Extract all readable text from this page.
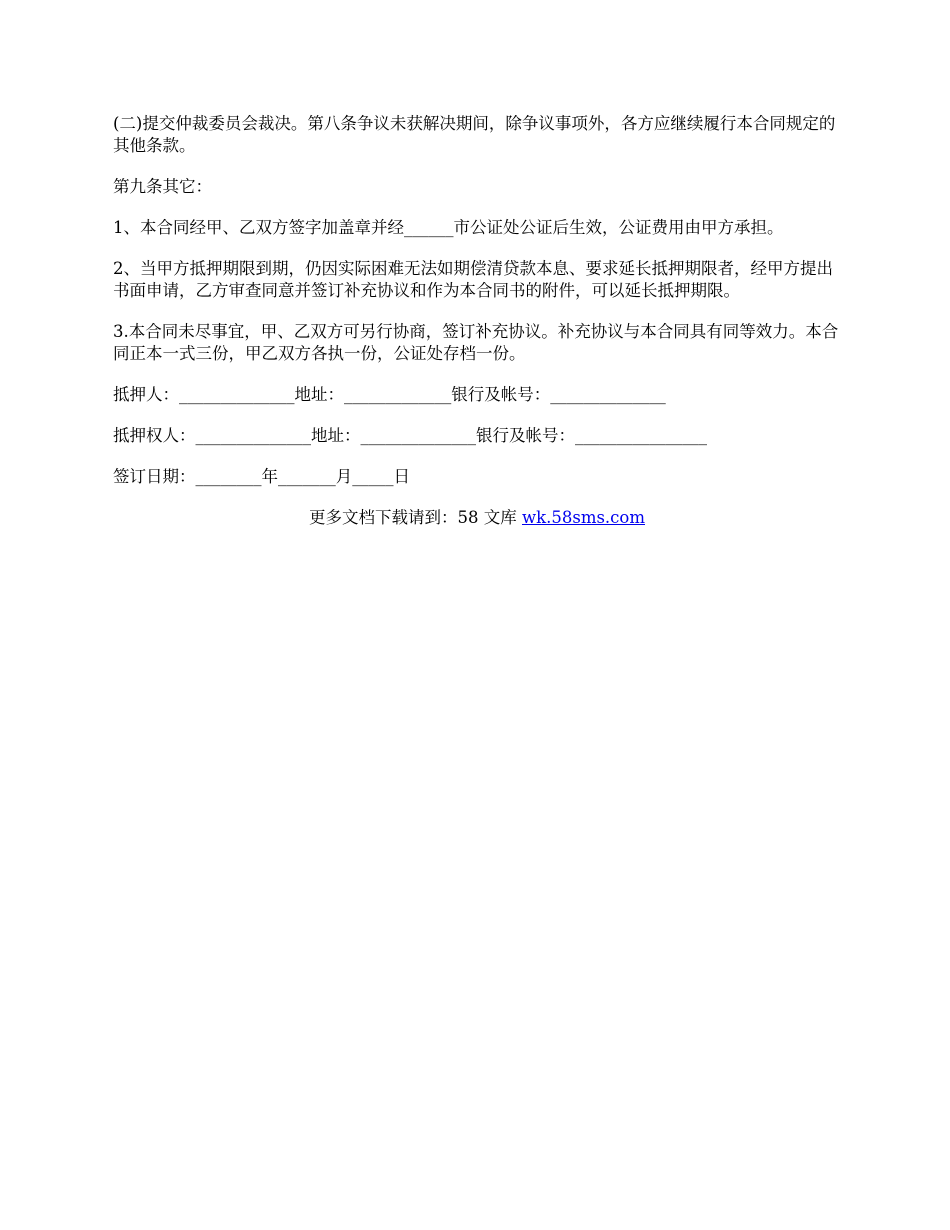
(二)提交仲裁委员会裁决。第八条争议未获解决期间，除争议事项外，各方应继续履行本合同规定的其他条款。

第九条其它：

1、本合同经甲、乙双方签字加盖章并经______市公证处公证后生效，公证费用由甲方承担。

2、当甲方抵押期限到期，仍因实际困难无法如期偿清贷款本息、要求延长抵押期限者，经甲方提出书面申请，乙方审查同意并签订补充协议和作为本合同书的附件，可以延长抵押期限。

3.本合同未尽事宜，甲、乙双方可另行协商，签订补充协议。补充协议与本合同具有同等效力。本合同正本一式三份，甲乙双方各执一份，公证处存档一份。

抵押人：______________地址：_____________银行及帐号：______________

抵押权人：______________地址：______________银行及帐号：________________

签订日期：________年_______月_____日

更多文档下载请到：58 文库 wk.58sms.com
